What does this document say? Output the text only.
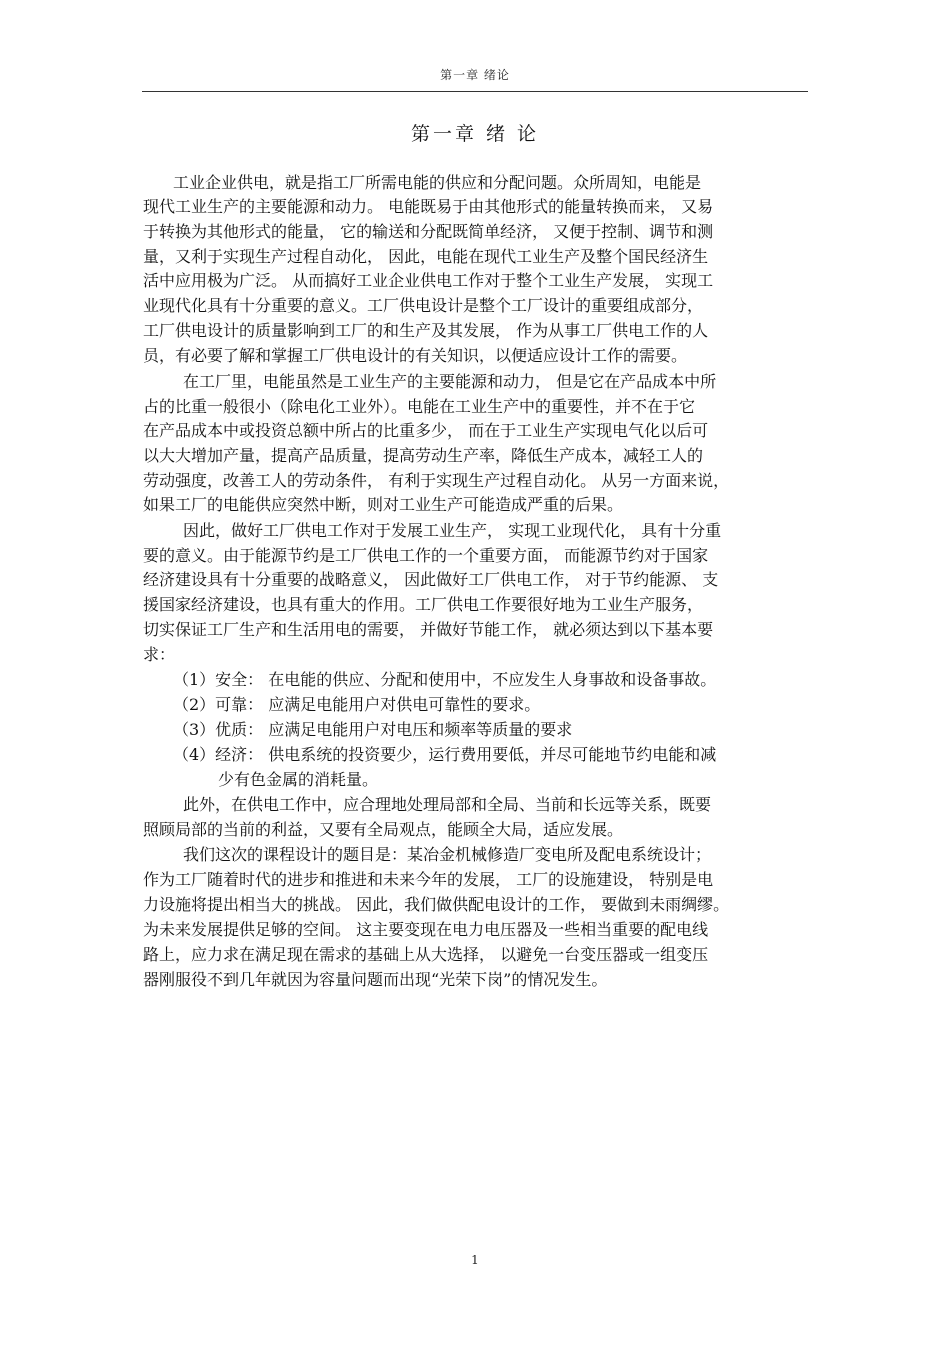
第一章 绪论
第一章 绪 论
工业企业供电，就是指工厂所需电能的供应和分配问题。众所周知，电能是
现代工业生产的主要能源和动力。 电能既易于由其他形式的能量转换而来， 又易
于转换为其他形式的能量， 它的输送和分配既简单经济， 又便于控制、调节和测
量，又利于实现生产过程自动化， 因此，电能在现代工业生产及整个国民经济生
活中应用极为广泛。 从而搞好工业企业供电工作对于整个工业生产发展， 实现工
业现代化具有十分重要的意义。工厂供电设计是整个工厂设计的重要组成部分，
工厂供电设计的质量影响到工厂的和生产及其发展， 作为从事工厂供电工作的人
员，有必要了解和掌握工厂供电设计的有关知识，以便适应设计工作的需要。
在工厂里，电能虽然是工业生产的主要能源和动力， 但是它在产品成本中所
占的比重一般很小（除电化工业外）。电能在工业生产中的重要性，并不在于它
在产品成本中或投资总额中所占的比重多少， 而在于工业生产实现电气化以后可
以大大增加产量，提高产品质量，提高劳动生产率，降低生产成本，减轻工人的
劳动强度，改善工人的劳动条件， 有利于实现生产过程自动化。 从另一方面来说，
如果工厂的电能供应突然中断，则对工业生产可能造成严重的后果。
因此，做好工厂供电工作对于发展工业生产， 实现工业现代化， 具有十分重
要的意义。由于能源节约是工厂供电工作的一个重要方面， 而能源节约对于国家
经济建设具有十分重要的战略意义， 因此做好工厂供电工作， 对于节约能源、 支
援国家经济建设，也具有重大的作用。工厂供电工作要很好地为工业生产服务，
切实保证工厂生产和生活用电的需要， 并做好节能工作， 就必须达到以下基本要
求：
（1）安全： 在电能的供应、分配和使用中，不应发生人身事故和设备事故。
（2）可靠： 应满足电能用户对供电可靠性的要求。
（3）优质： 应满足电能用户对电压和频率等质量的要求
（4）经济： 供电系统的投资要少，运行费用要低，并尽可能地节约电能和减
少有色金属的消耗量。
此外，在供电工作中，应合理地处理局部和全局、当前和长远等关系，既要
照顾局部的当前的利益，又要有全局观点，能顾全大局，适应发展。
我们这次的课程设计的题目是：某冶金机械修造厂变电所及配电系统设计；
作为工厂随着时代的进步和推进和未来今年的发展， 工厂的设施建设， 特别是电
力设施将提出相当大的挑战。 因此，我们做供配电设计的工作， 要做到未雨绸缪。
为未来发展提供足够的空间。 这主要变现在电力电压器及一些相当重要的配电线
路上，应力求在满足现在需求的基础上从大选择， 以避免一台变压器或一组变压
器刚服役不到几年就因为容量问题而出现“光荣下岗”的情况发生。
1
